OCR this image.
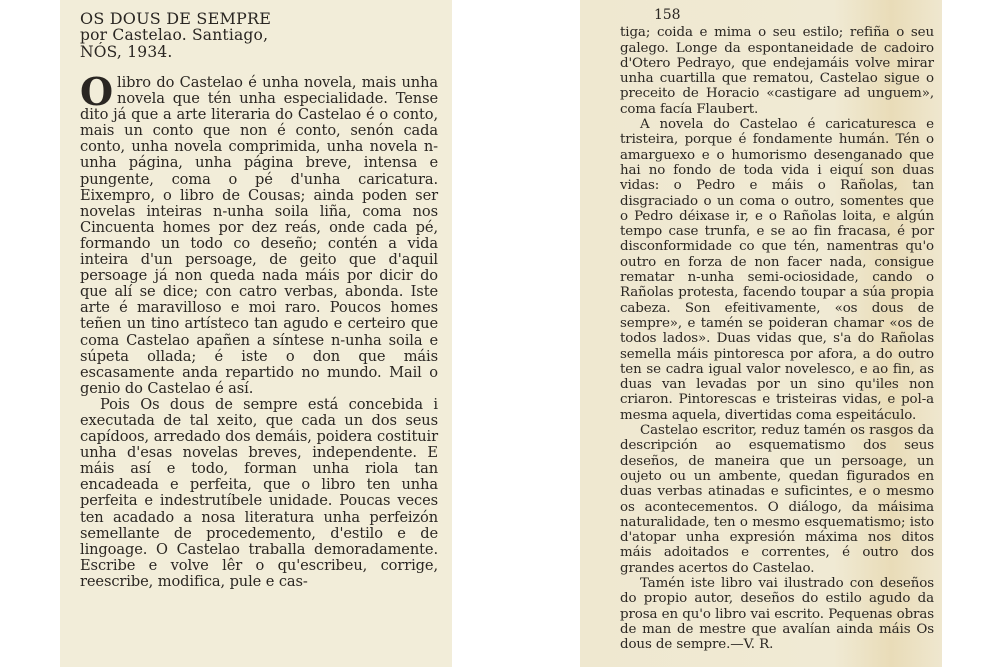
OS DOUS DE SEMPRE
por Castelao. Santiago,
NÓS, 1934.

O libro do Castelao é unha novela, mais unha novela que tén unha especialidade. Tense dito já que a arte literaria do Castelao é o conto, mais un conto que non é conto, senón cada conto, unha novela comprimida, unha novela n-unha página, unha página breve, intensa e pungente, coma o pé d'unha caricatura. Eixempro, o libro de Cousas; ainda poden ser novelas inteiras n-unha soila liña, coma nos Cincuenta homes por dez reás, onde cada pé, formando un todo co deseño; contén a vida inteira d'un persoage, de geito que d'aquil persoage já non queda nada máis por dicir do que alí se dice; con catro verbas, abonda. Iste arte é maravilloso e moi raro. Poucos homes teñen un tino artísteco tan agudo e certeiro que coma Castelao apañen a síntese n-unha soila e súpeta ollada; é iste o don que máis escasamente anda repartido no mundo. Mail o genio do Castelao é así.

Pois Os dous de sempre está concebida i executada de tal xeito, que cada un dos seus capídoos, arredado dos demáis, poidera costituir unha d'esas novelas breves, independente. E máis así e todo, forman unha riola tan encadeada e perfeita, que o libro ten unha perfeita e indestrutíbele unidade. Poucas veces ten acadado a nosa literatura unha perfeizón semellante de procedemento, d'estilo e de lingoage. O Castelao traballa demoradamente. Escribe e volve lêr o qu'escribeu, corrige, reescribe, modifica, pule e cas-

158

tiga; coida e mima o seu estilo; refiña o seu galego. Longe da espontaneidade de cadoiro d'Otero Pedrayo, que endejamáis volve mirar unha cuartilla que rematou, Castelao sigue o preceito de Horacio «castigare ad unguem», coma facía Flaubert.

A novela do Castelao é caricaturesca e tristeira, porque é fondamente humán. Tén o amarguexo e o humorismo desenganado que hai no fondo de toda vida i eiquí son duas vidas: o Pedro e máis o Rañolas, tan disgraciado o un coma o outro, somentes que o Pedro déixase ir, e o Rañolas loita, e algún tempo case trunfa, e se ao fin fracasa, é por disconformidade co que tén, namentras qu'o outro en forza de non facer nada, consigue rematar n-unha semi-ociosidade, cando o Rañolas protesta, facendo toupar a súa propia cabeza. Son efeitivamente, «os dous de sempre», e tamén se poideran chamar «os de todos lados». Duas vidas que, s'a do Rañolas semella máis pintoresca por afora, a do outro ten se cadra igual valor novelesco, e ao fin, as duas van levadas por un sino qu'iles non criaron. Pintorescas e tristeiras vidas, e pol-a mesma aquela, divertidas coma espeitáculo.

Castelao escritor, reduz tamén os rasgos da descripción ao esquematismo dos seus deseños, de maneira que un persoage, un oujeto ou un ambente, quedan figurados en duas verbas atinadas e suficintes, e o mesmo os acontecementos. O diálogo, da máisima naturalidade, ten o mesmo esquematismo; isto d'atopar unha expresión máxima nos ditos máis adoitados e correntes, é outro dos grandes acertos do Castelao.

Tamén iste libro vai ilustrado con deseños do propio autor, deseños do estilo agudo da prosa en qu'o libro vai escrito. Pequenas obras de man de mestre que avalían ainda máis Os dous de sempre.—V. R.
